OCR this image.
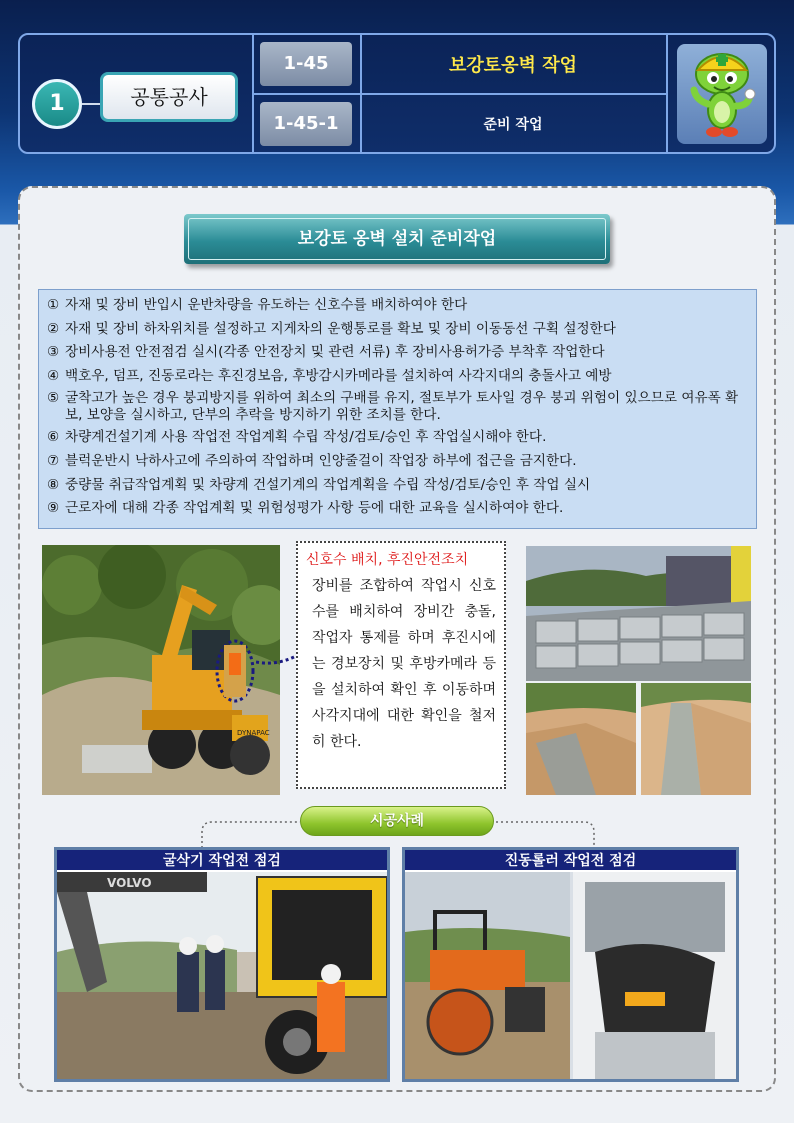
1	공통공사
1-45
1-45-1
보강토옹벽 작업
준비 작업
보강토 옹벽 설치 준비작업
① 자재 및 장비 반입시 운반차량을 유도하는 신호수를 배치하여야 한다
② 자재 및 장비 하차위치를 설정하고 지게차의 운행통로를 확보 및 장비 이동동선 구획 설정한다
③ 장비사용전 안전점검 실시(각종 안전장치 및 관련 서류) 후 장비사용허가증 부착후 작업한다
④ 백호우, 덤프, 진동로라는 후진경보음, 후방감시카메라를 설치하여 사각지대의 충돌사고 예방
⑤ 굴착고가 높은 경우 붕괴방지를 위하여 최소의 구배를 유지, 절토부가 토사일 경우 붕괴 위험이 있으므로 여유폭 확보, 보양을 실시하고, 단부의 추락을 방지하기 위한 조치를 한다.
⑥ 차량계건설기계 사용 작업전 작업계획 수립 작성/검토/승인 후 작업실시해야 한다.
⑦ 블럭운반시 낙하사고에 주의하여 작업하며 인양줄걸이 작업장 하부에 접근을 금지한다.
⑧ 중량물 취급작업계획 및 차량계 건설기계의 작업계획을 수립 작성/검토/승인 후 작업 실시
⑨ 근로자에 대해 각종 작업계획 및 위험성평가 사항 등에 대한 교육을 실시하여야 한다.
DYNAPAC
신호수 배치, 후진안전조치
장비를 조합하여 작업시 신호수를 배치하여 장비간 충돌, 작업자 통제를 하며 후진시에는 경보장치 및 후방카메라 등을 설치하여 확인 후 이동하며 사각지대에 대한 확인을 철저히 한다.
시공사례
굴삭기 작업전 점검
VOLVO
진동롤러 작업전 점검
